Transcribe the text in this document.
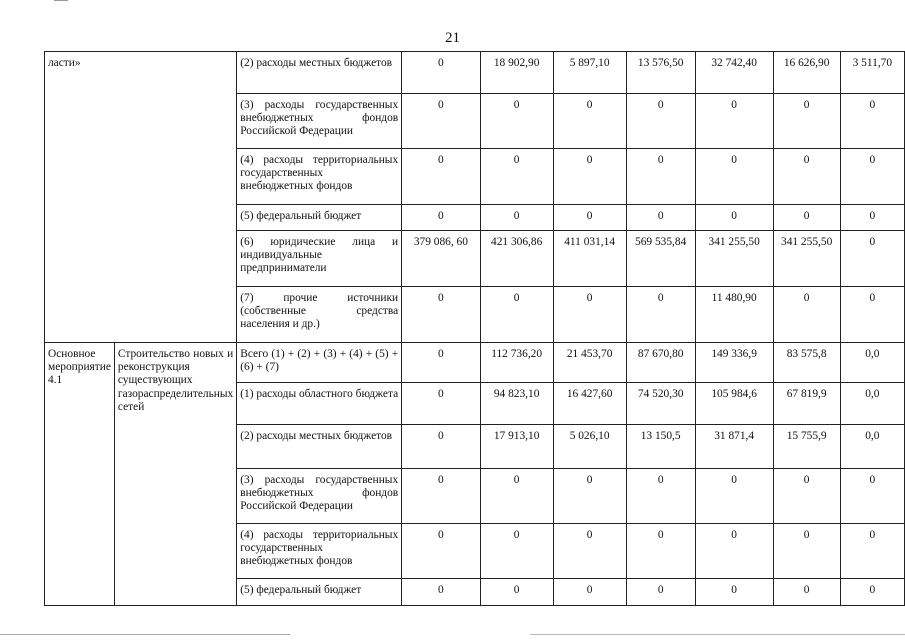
21
ласти»		(2) расходы местных бюджетов	0	18 902,90	5 897,10	13 576,50	32 742,40	16 626,90	3 511,70
		(3) расходы государственных внебюджетных фондов Российской Федерации	0	0	0	0	0	0	0
		(4) расходы территориальных государственных внебюджетных фондов	0	0	0	0	0	0	0
		(5) федеральный бюджет	0	0	0	0	0	0	0
		(6) юридические лица и индивидуальные предприниматели	379 086, 60	421 306,86	411 031,14	569 535,84	341 255,50	341 255,50	0
		(7) прочие источники (собственные средства населения и др.)	0	0	0	0	11 480,90	0	0
Основное мероприятие 4.1	Строительство новых и реконструкция существующих газораспределительных сетей	Всего (1) + (2) + (3) + (4) + (5) + (6) + (7)	0	112 736,20	21 453,70	87 670,80	149 336,9	83 575,8	0,0
		(1) расходы областного бюджета	0	94 823,10	16 427,60	74 520,30	105 984,6	67 819,9	0,0
		(2) расходы местных бюджетов	0	17 913,10	5 026,10	13 150,5	31 871,4	15 755,9	0,0
		(3) расходы государственных внебюджетных фондов Российской Федерации	0	0	0	0	0	0	0
		(4) расходы территориальных государственных внебюджетных фондов	0	0	0	0	0	0	0
		(5) федеральный бюджет	0	0	0	0	0	0	0
